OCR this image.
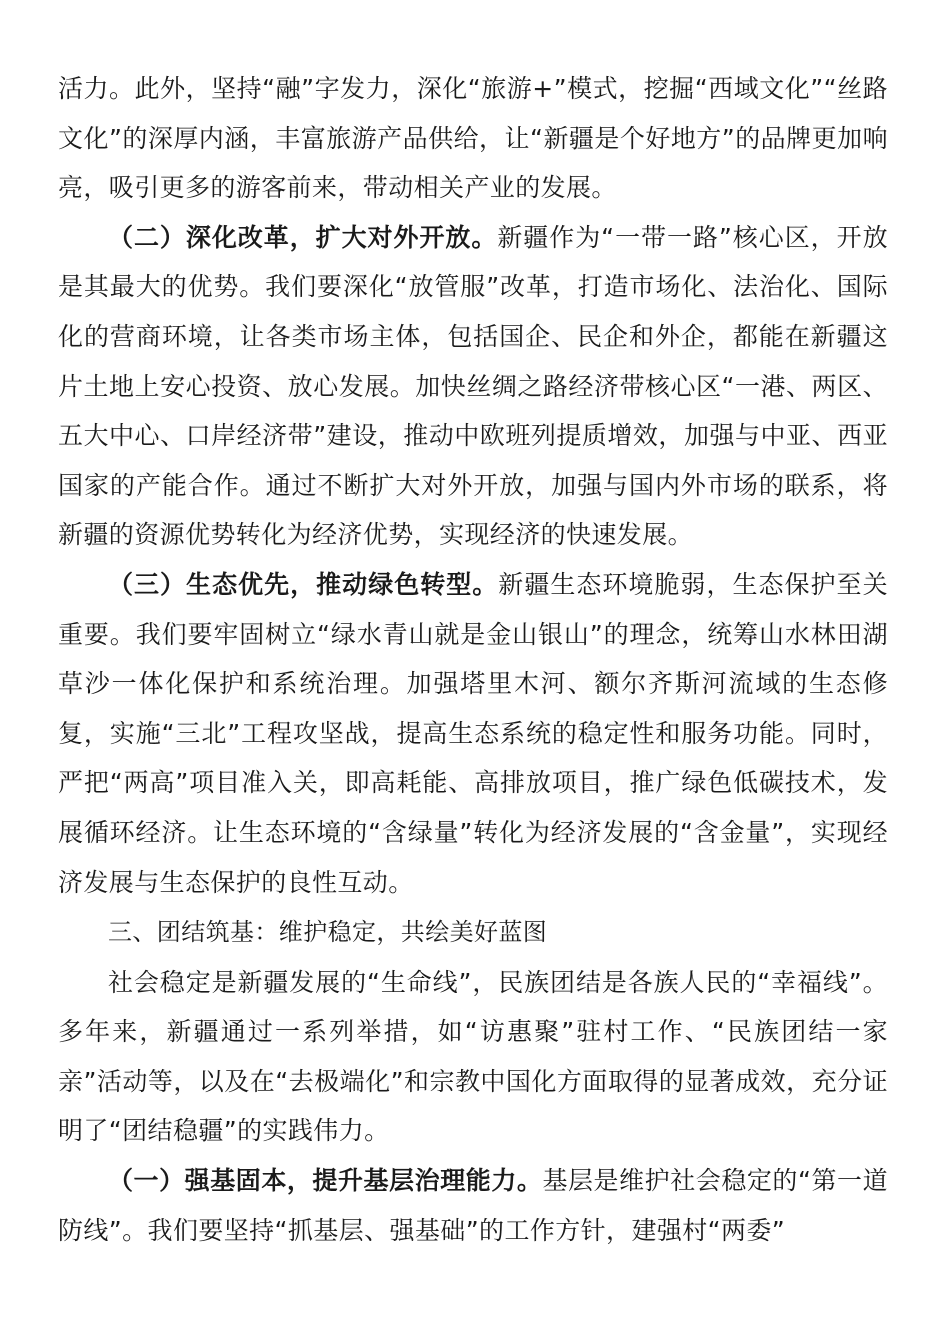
活力。此外，坚持“融”字发力，深化“旅游+”模式，挖掘“西域文化”“丝路文化”的深厚内涵，丰富旅游产品供给，让“新疆是个好地方”的品牌更加响亮，吸引更多的游客前来，带动相关产业的发展。

（二）深化改革，扩大对外开放。新疆作为“一带一路”核心区，开放是其最大的优势。我们要深化“放管服”改革，打造市场化、法治化、国际化的营商环境，让各类市场主体，包括国企、民企和外企，都能在新疆这片土地上安心投资、放心发展。加快丝绸之路经济带核心区“一港、两区、五大中心、口岸经济带”建设，推动中欧班列提质增效，加强与中亚、西亚国家的产能合作。通过不断扩大对外开放，加强与国内外市场的联系，将新疆的资源优势转化为经济优势，实现经济的快速发展。

（三）生态优先，推动绿色转型。新疆生态环境脆弱，生态保护至关重要。我们要牢固树立“绿水青山就是金山银山”的理念，统筹山水林田湖草沙一体化保护和系统治理。加强塔里木河、额尔齐斯河流域的生态修复，实施“三北”工程攻坚战，提高生态系统的稳定性和服务功能。同时，严把“两高”项目准入关，即高耗能、高排放项目，推广绿色低碳技术，发展循环经济。让生态环境的“含绿量”转化为经济发展的“含金量”，实现经济发展与生态保护的良性互动。

三、团结筑基：维护稳定，共绘美好蓝图

社会稳定是新疆发展的“生命线”，民族团结是各族人民的“幸福线”。多年来，新疆通过一系列举措，如“访惠聚”驻村工作、“民族团结一家亲”活动等，以及在“去极端化”和宗教中国化方面取得的显著成效，充分证明了“团结稳疆”的实践伟力。

（一）强基固本，提升基层治理能力。基层是维护社会稳定的“第一道防线”。我们要坚持“抓基层、强基础”的工作方针，建强村“两委”
